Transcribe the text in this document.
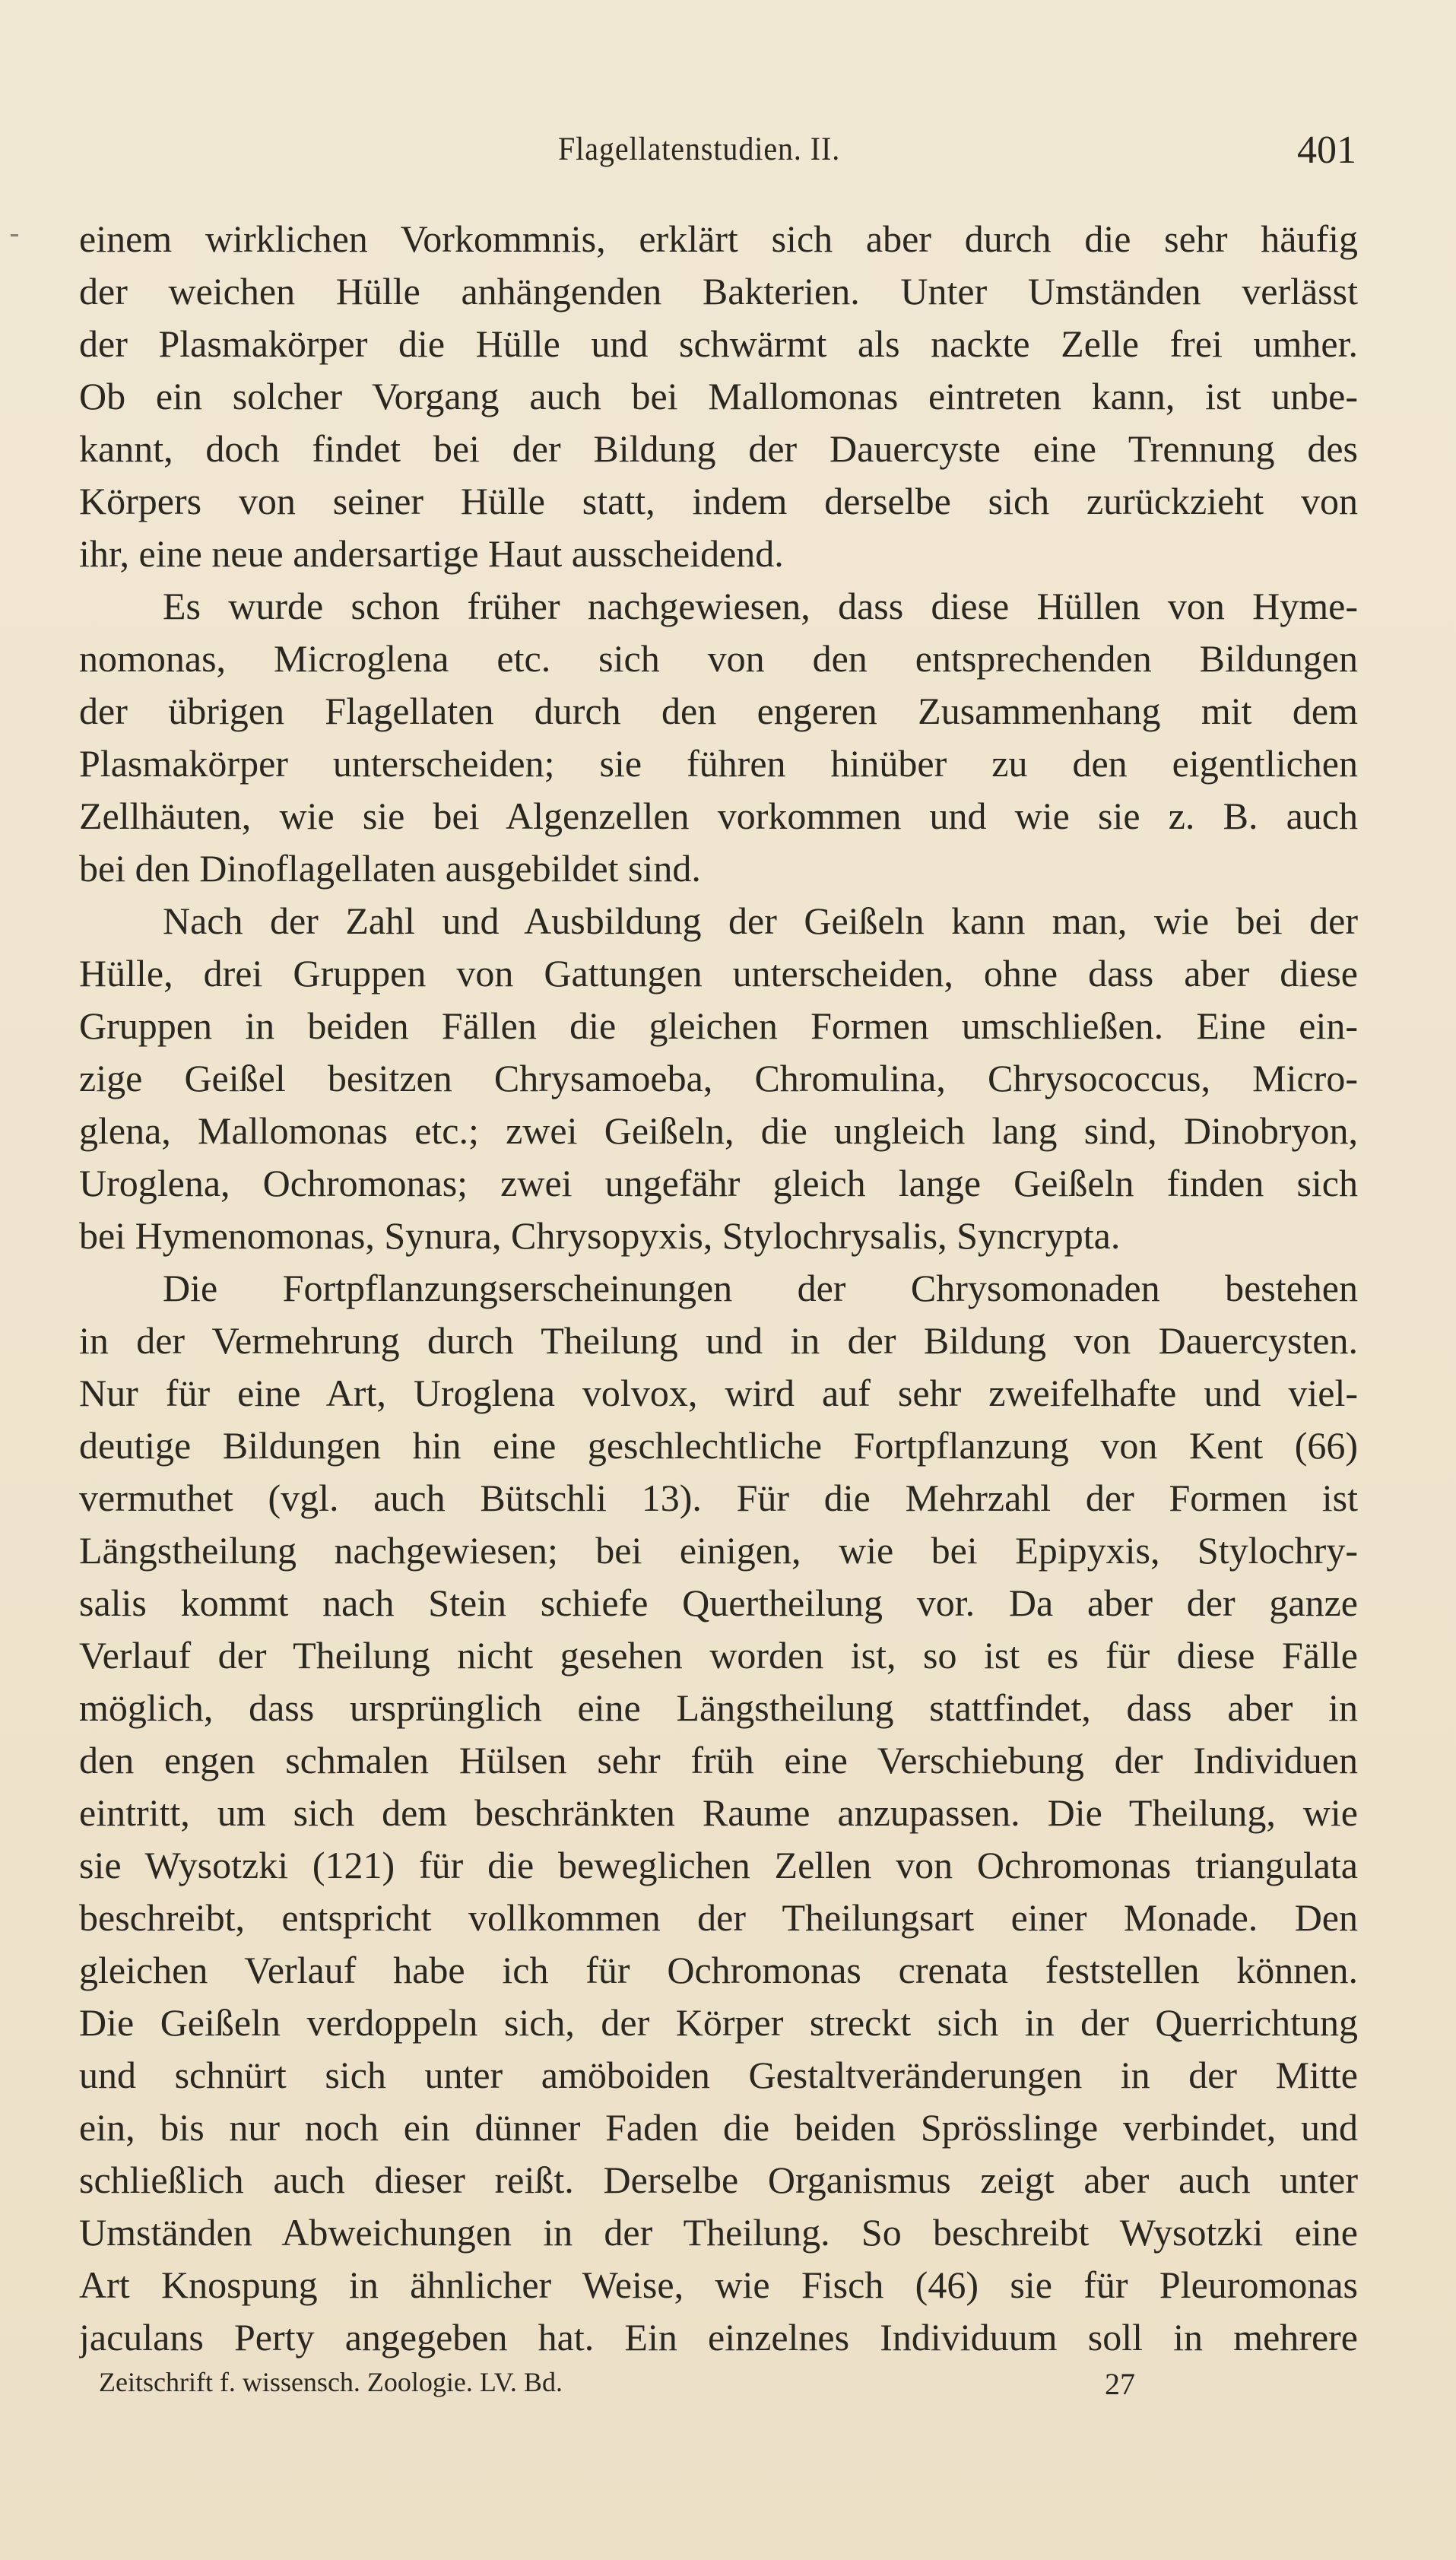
Flagellatenstudien. II.	401
einem wirklichen Vorkommnis, erklärt sich aber durch die sehr häufig
der weichen Hülle anhängenden Bakterien. Unter Umständen verlässt
der Plasmakörper die Hülle und schwärmt als nackte Zelle frei umher.
Ob ein solcher Vorgang auch bei Mallomonas eintreten kann, ist unbe-
kannt, doch findet bei der Bildung der Dauercyste eine Trennung des
Körpers von seiner Hülle statt, indem derselbe sich zurückzieht von
ihr, eine neue andersartige Haut ausscheidend.
Es wurde schon früher nachgewiesen, dass diese Hüllen von Hyme-
nomonas, Microglena etc. sich von den entsprechenden Bildungen
der übrigen Flagellaten durch den engeren Zusammenhang mit dem
Plasmakörper unterscheiden; sie führen hinüber zu den eigentlichen
Zellhäuten, wie sie bei Algenzellen vorkommen und wie sie z. B. auch
bei den Dinoflagellaten ausgebildet sind.
Nach der Zahl und Ausbildung der Geißeln kann man, wie bei der
Hülle, drei Gruppen von Gattungen unterscheiden, ohne dass aber diese
Gruppen in beiden Fällen die gleichen Formen umschließen. Eine ein-
zige Geißel besitzen Chrysamoeba, Chromulina, Chrysococcus, Micro-
glena, Mallomonas etc.; zwei Geißeln, die ungleich lang sind, Dinobryon,
Uroglena, Ochromonas; zwei ungefähr gleich lange Geißeln finden sich
bei Hymenomonas, Synura, Chrysopyxis, Stylochrysalis, Syncrypta.
Die Fortpflanzungserscheinungen der Chrysomonaden bestehen
in der Vermehrung durch Theilung und in der Bildung von Dauercysten.
Nur für eine Art, Uroglena volvox, wird auf sehr zweifelhafte und viel-
deutige Bildungen hin eine geschlechtliche Fortpflanzung von Kent (66)
vermuthet (vgl. auch Bütschli 13). Für die Mehrzahl der Formen ist
Längstheilung nachgewiesen; bei einigen, wie bei Epipyxis, Stylochry-
salis kommt nach Stein schiefe Quertheilung vor. Da aber der ganze
Verlauf der Theilung nicht gesehen worden ist, so ist es für diese Fälle
möglich, dass ursprünglich eine Längstheilung stattfindet, dass aber in
den engen schmalen Hülsen sehr früh eine Verschiebung der Individuen
eintritt, um sich dem beschränkten Raume anzupassen. Die Theilung, wie
sie Wysotzki (121) für die beweglichen Zellen von Ochromonas triangulata
beschreibt, entspricht vollkommen der Theilungsart einer Monade. Den
gleichen Verlauf habe ich für Ochromonas crenata feststellen können.
Die Geißeln verdoppeln sich, der Körper streckt sich in der Querrichtung
und schnürt sich unter amöboiden Gestaltveränderungen in der Mitte
ein, bis nur noch ein dünner Faden die beiden Sprösslinge verbindet, und
schließlich auch dieser reißt. Derselbe Organismus zeigt aber auch unter
Umständen Abweichungen in der Theilung. So beschreibt Wysotzki eine
Art Knospung in ähnlicher Weise, wie Fisch (46) sie für Pleuromonas
jaculans Perty angegeben hat. Ein einzelnes Individuum soll in mehrere
Zeitschrift f. wissensch. Zoologie. LV. Bd.	27
